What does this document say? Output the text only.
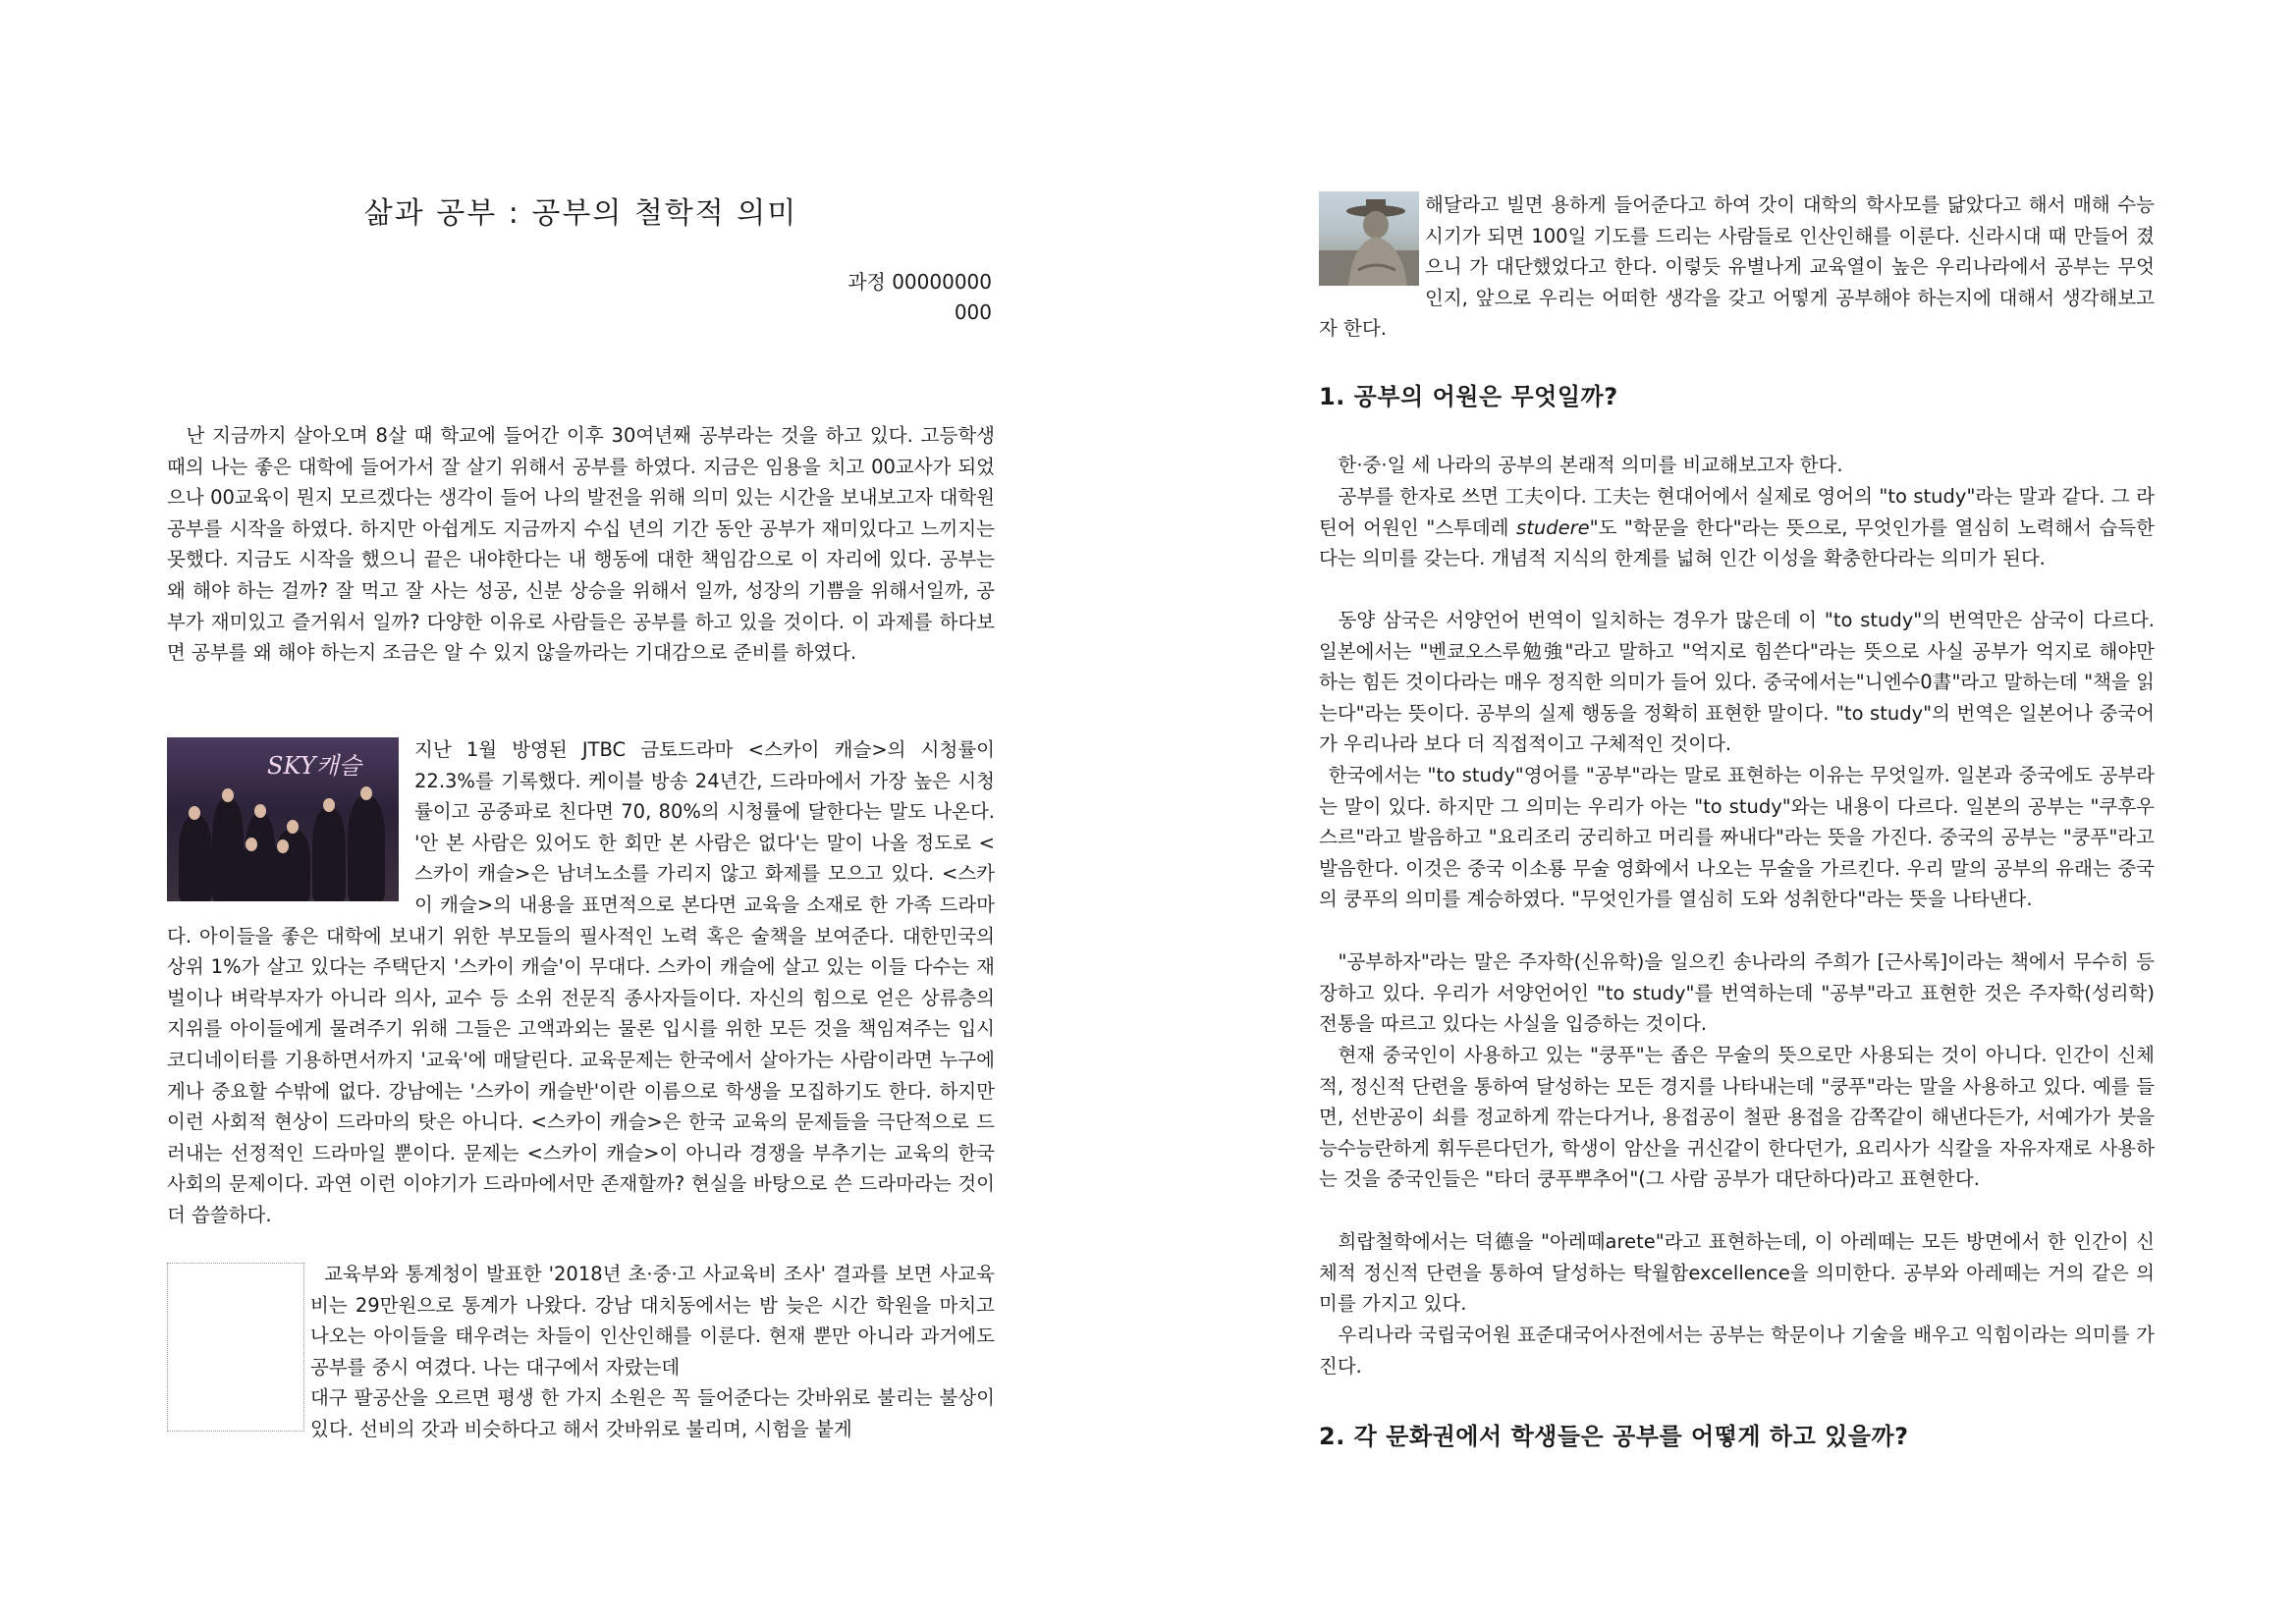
삶과 공부 : 공부의 철학적 의미
과정 00000000
000

난 지금까지 살아오며 8살 때 학교에 들어간 이후 30여년째 공부라는 것을 하고 있다. 고등학생 때의 나는 좋은 대학에 들어가서 잘 살기 위해서 공부를 하였다. 지금은 임용을 치고 00교사가 되었으나 00교육이 뭔지 모르겠다는 생각이 들어 나의 발전을 위해 의미 있는 시간을 보내보고자 대학원 공부를 시작을 하였다. 하지만 아쉽게도 지금까지 수십 년의 기간 동안 공부가 재미있다고 느끼지는 못했다. 지금도 시작을 했으니 끝은 내야한다는 내 행동에 대한 책임감으로 이 자리에 있다. 공부는 왜 해야 하는 걸까? 잘 먹고 잘 사는 성공, 신분 상승을 위해서 일까, 성장의 기쁨을 위해서일까, 공부가 재미있고 즐거워서 일까? 다양한 이유로 사람들은 공부를 하고 있을 것이다. 이 과제를 하다보면 공부를 왜 해야 하는지 조금은 알 수 있지 않을까라는 기대감으로 준비를 하였다.

SKY캐슬
지난 1월 방영된 JTBC 금토드라마 <스카이 캐슬>의 시청률이 22.3%를 기록했다. 케이블 방송 24년간, 드라마에서 가장 높은 시청률이고 공중파로 친다면 70, 80%의 시청률에 달한다는 말도 나온다. '안 본 사람은 있어도 한 회만 본 사람은 없다'는 말이 나올 정도로 <스카이 캐슬>은 남녀노소를 가리지 않고 화제를 모으고 있다. <스카이 캐슬>의 내용을 표면적으로 본다면 교육을 소재로 한 가족 드라마다. 아이들을 좋은 대학에 보내기 위한 부모들의 필사적인 노력 혹은 술책을 보여준다. 대한민국의 상위 1%가 살고 있다는 주택단지 '스카이 캐슬'이 무대다. 스카이 캐슬에 살고 있는 이들 다수는 재벌이나 벼락부자가 아니라 의사, 교수 등 소위 전문직 종사자들이다. 자신의 힘으로 얻은 상류층의 지위를 아이들에게 물려주기 위해 그들은 고액과외는 물론 입시를 위한 모든 것을 책임져주는 입시 코디네이터를 기용하면서까지 '교육'에 매달린다. 교육문제는 한국에서 살아가는 사람이라면 누구에게나 중요할 수밖에 없다. 강남에는 '스카이 캐슬반'이란 이름으로 학생을 모집하기도 한다. 하지만 이런 사회적 현상이 드라마의 탓은 아니다. <스카이 캐슬>은 한국 교육의 문제들을 극단적으로 드러내는 선정적인 드라마일 뿐이다. 문제는 <스카이 캐슬>이 아니라 경쟁을 부추기는 교육의 한국 사회의 문제이다. 과연 이런 이야기가 드라마에서만 존재할까? 현실을 바탕으로 쓴 드라마라는 것이 더 씁쓸하다.
교육부와 통계청이 발표한 '2018년 초·중·고 사교육비 조사' 결과를 보면 사교육비는 29만원으로 통계가 나왔다. 강남 대치동에서는 밤 늦은 시간 학원을 마치고 나오는 아이들을 태우려는 차들이 인산인해를 이룬다. 현재 뿐만 아니라 과거에도 공부를 중시 여겼다. 나는 대구에서 자랐는데
대구 팔공산을 오르면 평생 한 가지 소원은 꼭 들어준다는 갓바위로 불리는 불상이 있다. 선비의 갓과 비슷하다고 해서 갓바위로 불리며, 시험을 붙게
해달라고 빌면 용하게 들어준다고 하여 갓이 대학의 학사모를 닮았다고 해서 매해 수능 시기가 되면 100일 기도를 드리는 사람들로 인산인해를 이룬다. 신라시대 때 만들어 졌으니 가 대단했었다고 한다. 이렇듯 유별나게 교육열이 높은 우리나라에서 공부는 무엇인지, 앞으로 우리는 어떠한 생각을 갖고 어떻게 공부해야 하는지에 대해서 생각해보고자 한다.
1. 공부의 어원은 무엇일까?

한·중·일 세 나라의 공부의 본래적 의미를 비교해보고자 한다.

공부를 한자로 쓰면 工夫이다. 工夫는 현대어에서 실제로 영어의 "to study"라는 말과 같다. 그 라틴어 어원인 "스투데레 studere"도 "학문을 한다"라는 뜻으로, 무엇인가를 열심히 노력해서 습득한다는 의미를 갖는다. 개념적 지식의 한계를 넓혀 인간 이성을 확충한다라는 의미가 된다.

동양 삼국은 서양언어 번역이 일치하는 경우가 많은데 이 "to study"의 번역만은 삼국이 다르다. 일본에서는 "벤쿄오스루勉強"라고 말하고 "억지로 힘쓴다"라는 뜻으로 사실 공부가 억지로 해야만 하는 힘든 것이다라는 매우 정직한 의미가 들어 있다. 중국에서는"니엔수0書"라고 말하는데 "책을 읽는다"라는 뜻이다. 공부의 실제 행동을 정확히 표현한 말이다. "to study"의 번역은 일본어나 중국어가 우리나라 보다 더 직접적이고 구체적인 것이다.

한국에서는 "to study"영어를 "공부"라는 말로 표현하는 이유는 무엇일까. 일본과 중국에도 공부라는 말이 있다. 하지만 그 의미는 우리가 아는 "to study"와는 내용이 다르다. 일본의 공부는 "쿠후우스르"라고 발음하고 "요리조리 궁리하고 머리를 짜내다"라는 뜻을 가진다. 중국의 공부는 "쿵푸"라고 발음한다. 이것은 중국 이소룡 무술 영화에서 나오는 무술을 가르킨다. 우리 말의 공부의 유래는 중국의 쿵푸의 의미를 계승하였다. "무엇인가를 열심히 도와 성취한다"라는 뜻을 나타낸다.

"공부하자"라는 말은 주자학(신유학)을 일으킨 송나라의 주희가 [근사록]이라는 책에서 무수히 등장하고 있다. 우리가 서양언어인 "to study"를 번역하는데 "공부"라고 표현한 것은 주자학(성리학) 전통을 따르고 있다는 사실을 입증하는 것이다.

현재 중국인이 사용하고 있는 "쿵푸"는 좁은 무술의 뜻으로만 사용되는 것이 아니다. 인간이 신체적, 정신적 단련을 통하여 달성하는 모든 경지를 나타내는데 "쿵푸"라는 말을 사용하고 있다. 예를 들면, 선반공이 쇠를 정교하게 깎는다거나, 용접공이 철판 용접을 감쪽같이 해낸다든가, 서예가가 붓을 능수능란하게 휘두른다던가, 학생이 암산을 귀신같이 한다던가, 요리사가 식칼을 자유자재로 사용하는 것을 중국인들은 "타더 쿵푸뿌추어"(그 사람 공부가 대단하다)라고 표현한다.

희랍철학에서는 덕德을 "아레떼arete"라고 표현하는데, 이 아레떼는 모든 방면에서 한 인간이 신체적 정신적 단련을 통하여 달성하는 탁월함excellence을 의미한다. 공부와 아레떼는 거의 같은 의미를 가지고 있다.

우리나라 국립국어원 표준대국어사전에서는 공부는 학문이나 기술을 배우고 익힘이라는 의미를 가진다.

2. 각 문화권에서 학생들은 공부를 어떻게 하고 있을까?
